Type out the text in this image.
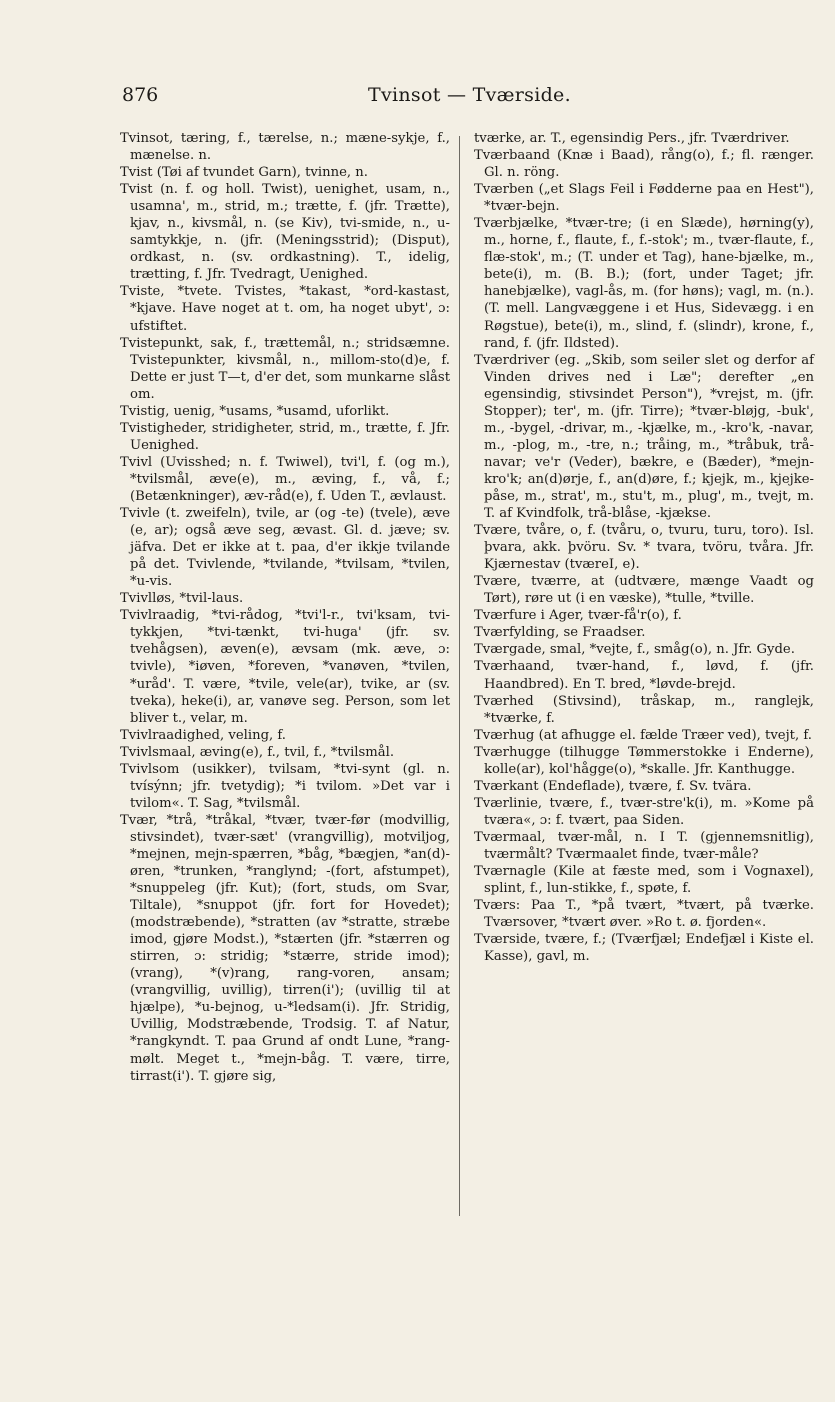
876	Tvinsot — Tværside.

Tvinsot, tæring, f., tærelse, n.; mæne-sykje, f., mænelse. n.

Tvist (Tøi af tvundet Garn), tvinne, n.

Tvist (n. f. og holl. Twist), uenighet, usam, n., usamna', m., strid, m.; trætte, f. (jfr. Trætte), kjav, n., kivsmål, n. (se Kiv), tvi-smide, n., u-samtykkje, n. (jfr. (Meningsstrid); (Disput), ordkast, n. (sv. ordkastning). T., idelig, trætting, f. Jfr. Tvedragt, Uenighed.

Tviste, *tvete. Tvistes, *takast, *ord-kastast, *kjave. Have noget at t. om, ha noget ubyt', ɔ: ufstiftet.

Tvistepunkt, sak, f., trættemål, n.; stridsæmne. Tvistepunkter, kivsmål, n., millom-sto(d)e, f. Dette er just T—t, d'er det, som munkarne slåst om.

Tvistig, uenig, *usams, *usamd, uforlikt.

Tvistigheder, stridigheter, strid, m., trætte, f. Jfr. Uenighed.

Tvivl (Uvisshed; n. f. Twiwel), tvi'l, f. (og m.), *tvilsmål, æve(e), m., æving, f., vå, f.; (Betænkninger), æv-råd(e), f. Uden T., ævlaust.

Tvivle (t. zweifeln), tvile, ar (og -te) (tvele), æve (e, ar); også æve seg, ævast. Gl. d. jæve; sv. jäfva. Det er ikke at t. paa, d'er ikkje tvilande på det. Tvivlende, *tvilande, *tvilsam, *tvilen, *u-vis.

Tvivlløs, *tvil-laus.

Tvivlraadig, *tvi-rådog, *tvi'l-r., tvi'ksam, tvi-tykkjen, *tvi-tænkt, tvi-huga' (jfr. sv. tvehågsen), æven(e), ævsam (mk. æve, ɔ: tvivle), *iøven, *foreven, *vanøven, *tvilen, *uråd'. T. være, *tvile, vele(ar), tvike, ar (sv. tveka), heke(i), ar, vanøve seg. Person, som let bliver t., velar, m.

Tvivlraadighed, veling, f.

Tvivlsmaal, æving(e), f., tvil, f., *tvilsmål.

Tvivlsom (usikker), tvilsam, *tvi-synt (gl. n. tvísýnn; jfr. tvetydig); *i tvilom. »Det var i tvilom«. T. Sag, *tvilsmål.

Tvær, *trå, *tråkal, *tvær, tvær-før (modvillig, stivsindet), tvær-sæt' (vrangvillig), motviljog, *mejnen, mejn-spærren, *båg, *bægjen, *an(d)-øren, *trunken, *ranglynd; -(fort, afstumpet), *snuppeleg (jfr. Kut); (fort, studs, om Svar, Tiltale), *snuppot (jfr. fort for Hovedet); (modstræbende), *stratten (av *stratte, stræbe imod, gjøre Modst.), *stærten (jfr. *stærren og stirren, ɔ: stridig; *stærre, stride imod); (vrang), *(v)rang, rang-voren, ansam; (vrangvillig, uvillig), tirren(i'); (uvillig til at hjælpe), *u-bejnog, u-*ledsam(i). Jfr. Stridig, Uvillig, Modstræbende, Trodsig. T. af Natur, *rangkyndt. T. paa Grund af ondt Lune, *rang-mølt. Meget t., *mejn-båg. T. være, tirre, tirrast(i'). T. gjøre sig,

tværke, ar. T., egensindig Pers., jfr. Tværdriver.

Tværbaand (Knæ i Baad), rång(o), f.; fl. rænger. Gl. n. röng.

Tværben („et Slags Feil i Fødderne paa en Hest"), *tvær-bejn.

Tværbjælke, *tvær-tre; (i en Slæde), hørning(y), m., horne, f., flaute, f., f.-stok'; m., tvær-flaute, f., flæ-stok', m.; (T. under et Tag), hane-bjælke, m., bete(i), m. (B. B.); (fort, under Taget; jfr. hanebjælke), vagl-ås, m. (for høns); vagl, m. (n.). (T. mell. Langvæggene i et Hus, Sidevægg. i en Røgstue), bete(i), m., slind, f. (slindr), krone, f., rand, f. (jfr. Ildsted).

Tværdriver (eg. „Skib, som seiler slet og derfor af Vinden drives ned i Læ"; derefter „en egensindig, stivsindet Person"), *vrejst, m. (jfr. Stopper); ter', m. (jfr. Tirre); *tvær-bløjg, -buk', m., -bygel, -drivar, m., -kjælke, m., -kro'k, -navar, m., -plog, m., -tre, n.; tråing, m., *tråbuk, trå-navar; ve'r (Veder), bækre, e (Bæder), *mejn-kro'k; an(d)ørje, f., an(d)øre, f.; kjejk, m., kjejke-påse, m., strat', m., stu't, m., plug', m., tvejt, m. T. af Kvindfolk, trå-blåse, -kjækse.

Tvære, tvåre, o, f. (tvåru, o, tvuru, turu, toro). Isl. þvara, akk. þvöru. Sv. * tvara, tvöru, tvåra. Jfr. Kjærnestav (tværeI, e).

Tvære, tværre, at (udtvære, mænge Vaadt og Tørt), røre ut (i en væske), *tulle, *tville.

Tværfure i Ager, tvær-få'r(o), f.

Tværfylding, se Fraadser.

Tværgade, smal, *vejte, f., småg(o), n. Jfr. Gyde.

Tværhaand, tvær-hand, f., løvd, f. (jfr. Haandbred). En T. bred, *løvde-brejd.

Tværhed (Stivsind), tråskap, m., ranglejk, *tværke, f.

Tværhug (at afhugge el. fælde Træer ved), tvejt, f.

Tværhugge (tilhugge Tømmerstokke i Enderne), kolle(ar), kol'hågge(o), *skalle. Jfr. Kanthugge.

Tværkant (Endeflade), tvære, f. Sv. tvära.

Tværlinie, tvære, f., tvær-stre'k(i), m. »Kome på tværa«, ɔ: f. tvært, paa Siden.

Tværmaal, tvær-mål, n. I T. (gjennemsnitlig), tværmålt? Tværmaalet finde, tvær-måle?

Tværnagle (Kile at fæste med, som i Vognaxel), splint, f., lun-stikke, f., spøte, f.

Tværs: Paa T., *på tvært, *tvært, på tværke. Tværsover, *tvært øver. »Ro t. ø. fjorden«.

Tværside, tvære, f.; (Tværfjæl; Endefjæl i Kiste el. Kasse), gavl, m.
